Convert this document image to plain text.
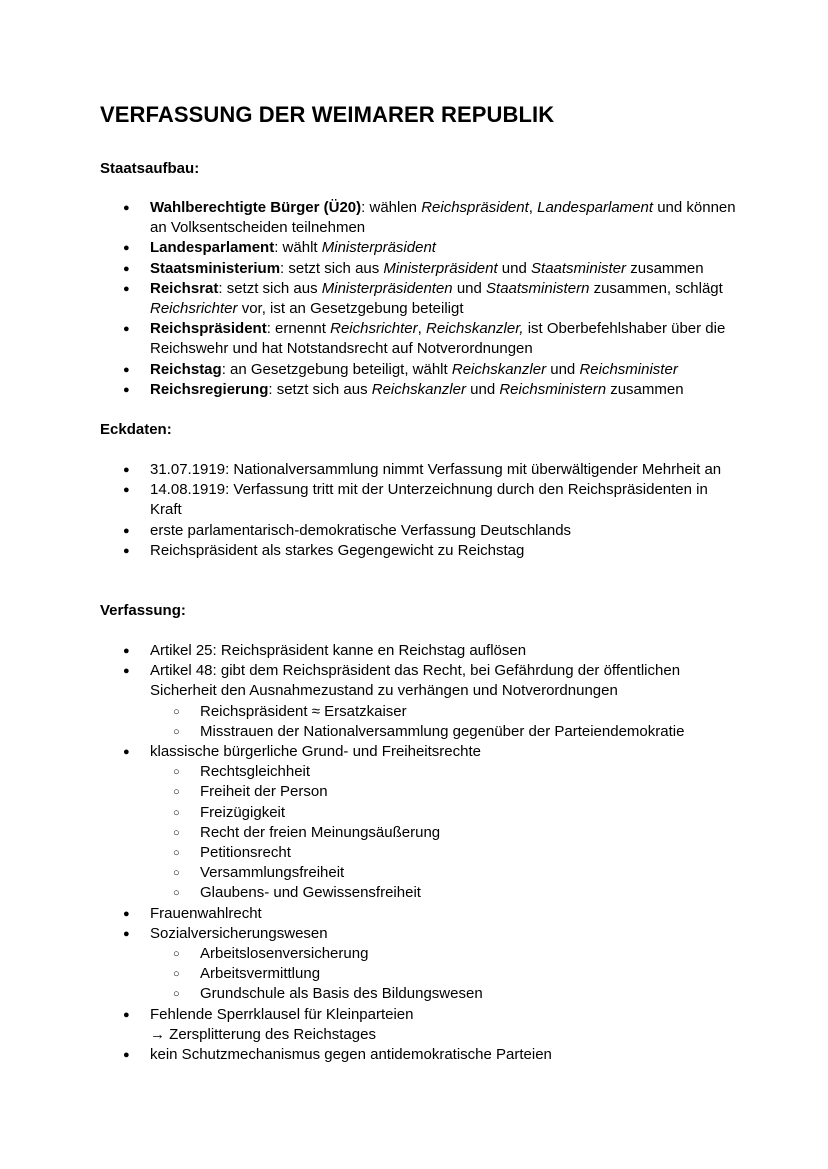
VERFASSUNG DER WEIMARER REPUBLIK
Staatsaufbau:
● Wahlberechtigte Bürger (Ü20): wählen Reichspräsident, Landesparlament und können an Volksentscheiden teilnehmen
● Landesparlament: wählt Ministerpräsident
● Staatsministerium: setzt sich aus Ministerpräsident und Staatsminister zusammen
● Reichsrat: setzt sich aus Ministerpräsidenten und Staatsministern zusammen, schlägt Reichsrichter vor, ist an Gesetzgebung beteiligt
● Reichspräsident: ernennt Reichsrichter, Reichskanzler, ist Oberbefehlshaber über die Reichswehr und hat Notstandsrecht auf Notverordnungen
● Reichstag: an Gesetzgebung beteiligt, wählt Reichskanzler und Reichsminister
● Reichsregierung: setzt sich aus Reichskanzler und Reichsministern zusammen
Eckdaten:
● 31.07.1919: Nationalversammlung nimmt Verfassung mit überwältigender Mehrheit an
● 14.08.1919: Verfassung tritt mit der Unterzeichnung durch den Reichspräsidenten in Kraft
● erste parlamentarisch-demokratische Verfassung Deutschlands
● Reichspräsident als starkes Gegengewicht zu Reichstag
Verfassung:
● Artikel 25: Reichspräsident kanne en Reichstag auflösen
● Artikel 48: gibt dem Reichspräsident das Recht, bei Gefährdung der öffentlichen Sicherheit den Ausnahmezustand zu verhängen und Notverordnungen
○ Reichspräsident ≈ Ersatzkaiser
○ Misstrauen der Nationalversammlung gegenüber der Parteiendemokratie
● klassische bürgerliche Grund- und Freiheitsrechte
○ Rechtsgleichheit
○ Freiheit der Person
○ Freizügigkeit
○ Recht der freien Meinungsäußerung
○ Petitionsrecht
○ Versammlungsfreiheit
○ Glaubens- und Gewissensfreiheit
● Frauenwahlrecht
● Sozialversicherungswesen
○ Arbeitslosenversicherung
○ Arbeitsvermittlung
○ Grundschule als Basis des Bildungswesen
● Fehlende Sperrklausel für Kleinparteien
→ Zersplitterung des Reichstages
● kein Schutzmechanismus gegen antidemokratische Parteien
